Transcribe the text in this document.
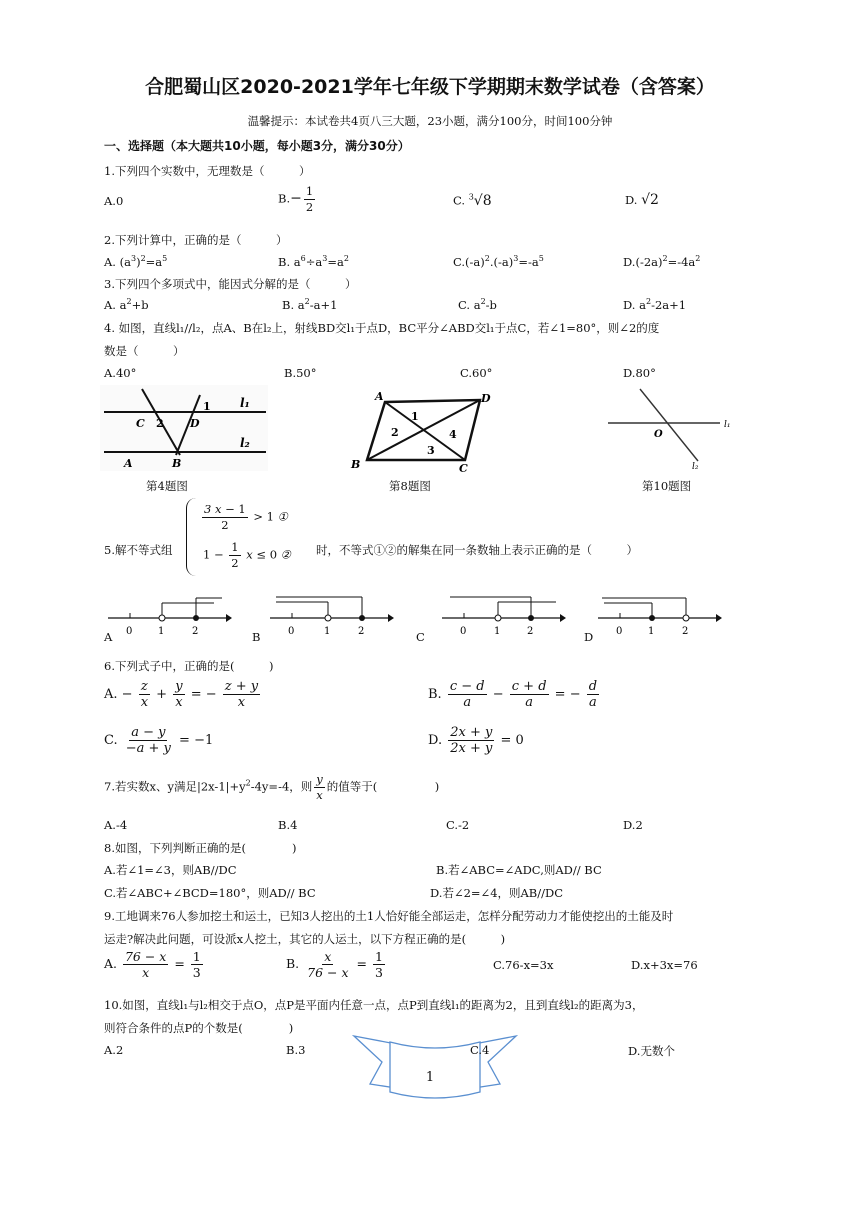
合肥蜀山区2020-2021学年七年级下学期期末数学试卷（含答案）
温馨提示：本试卷共4页八三大题，23小题，满分100分，时间100分钟
一、选择题（本大题共10小题，每小题3分，满分30分）
1.下列四个实数中，无理数是（　　　）
A.0	$B.- \frac{1}{2}$	C. $^3$√8	D. √2
2.下列计算中，正确的是（　　　）
A. $(a^3)^2=a^5$	B. $a^6\div a^3=a^2$	$C.(-a)^2.(-a)^3=-a^5$	$D.(-2a)^2=-4a^2$
3.下列四个多项式中，能因式分解的是（　　　）
A. $a^2+b$	B. $a^2-a+1$	C. $a^2-b$	D. $a^2-2a+1$
4. 如图，直线l₁//l₂，点A、B在l₂上，射线BD交l₁于点D，BC平分∠ABD交l₁于点C，若∠1=80°，则∠2的度
数是（　　　）
A.40°	B.50°	C.60°	D.80°
l₁
l₂
C 2 D
1
A	B
A	D
B	C
1
2
3
4
l₁
l₂
O
第4题图	第8题图	第10题图
5.解不等式组
$\frac{3 x - 1}{2} > 1$ ①
$1 - \frac{1}{2}$ x ≤ 0 ② 时，不等式①②的解集在同一条数轴上表示正确的是（　　　）
0	1	2	0	1	2	0	1	2	0	1	2
A	B	C	D
6.下列式子中，正确的是(　　　)
A. − $\frac{z}{x} + \frac{y}{x}$ = − $\frac{z + y}{x}$	B. $\frac{c - d}{a} - \frac{c + d}{a}$ = − $\frac{d}{a}$
C. $\frac{a - y}{-a + y} = -1$	D. $\frac{2x + y}{2x + y} = 0$
7.若实数x、y满足$|2x-1|+y^2-4y=-4$，则 $\frac{y}{x}$ 的值等于(　　　　　)
A.-4	B.4	C.-2	D.2
8.如图，下列判断正确的是(　　　　)
A.若∠1=∠3，则AB//DC	B.若∠ABC=∠ADC,则AD// BC
C.若∠ABC+∠BCD=180°，则AD// BC	D.若∠2=∠4，则AB//DC
9.工地调来76人参加挖土和运土，已知3人挖出的土1人恰好能全部运走，怎样分配劳动力才能使挖出的土能及时
运走?解决此问题，可设派x人挖土，其它的人运土，以下方程正确的是(　　　)
A. $\frac{76 - x}{x} = \frac{1}{3}$	B. $\frac{x}{76 - x} = \frac{1}{3}$	C.76-x=3x	D.x+3x=76
10.如图，直线l₁与l₂相交于点O，点P是平面内任意一点，点P到直线l₁的距离为2，且到直线l₂的距离为3，
则符合条件的点P的个数是(　　　　)
A.2	B.3	C.4	D.无数个
1
